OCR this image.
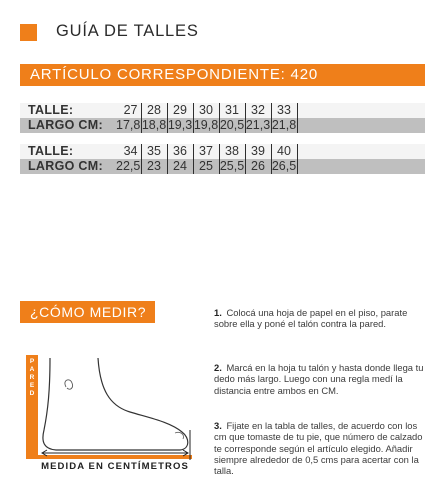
GUÍA DE TALLES
ARTÍCULO CORRESPONDIENTE: 420
TALLE:	27	28	29	30	31	32	33	
LARGO CM:	17,8	18,8	19,3	19,8	20,5	21,3	21,8	
TALLE:	34	35	36	37	38	39	40	
LARGO CM:	22,5	23	24	25	25,5	26	26,5	
¿CÓMO MEDIR?
P
A
R
E
D
MEDIDA EN CENTÍMETROS
1. Colocá una hoja de papel en el piso, parate sobre ella y poné el talón contra la pared.
2. Marcá en la hoja tu talón y hasta donde llega tu dedo más largo. Luego con una regla medí la distancia entre ambos en CM.
3. Fijate en la tabla de talles, de acuerdo con los cm que tomaste de tu pie, que número de calzado te corresponde según el artículo elegido. Añadir siempre alrededor de 0,5 cms para acertar con la talla.
